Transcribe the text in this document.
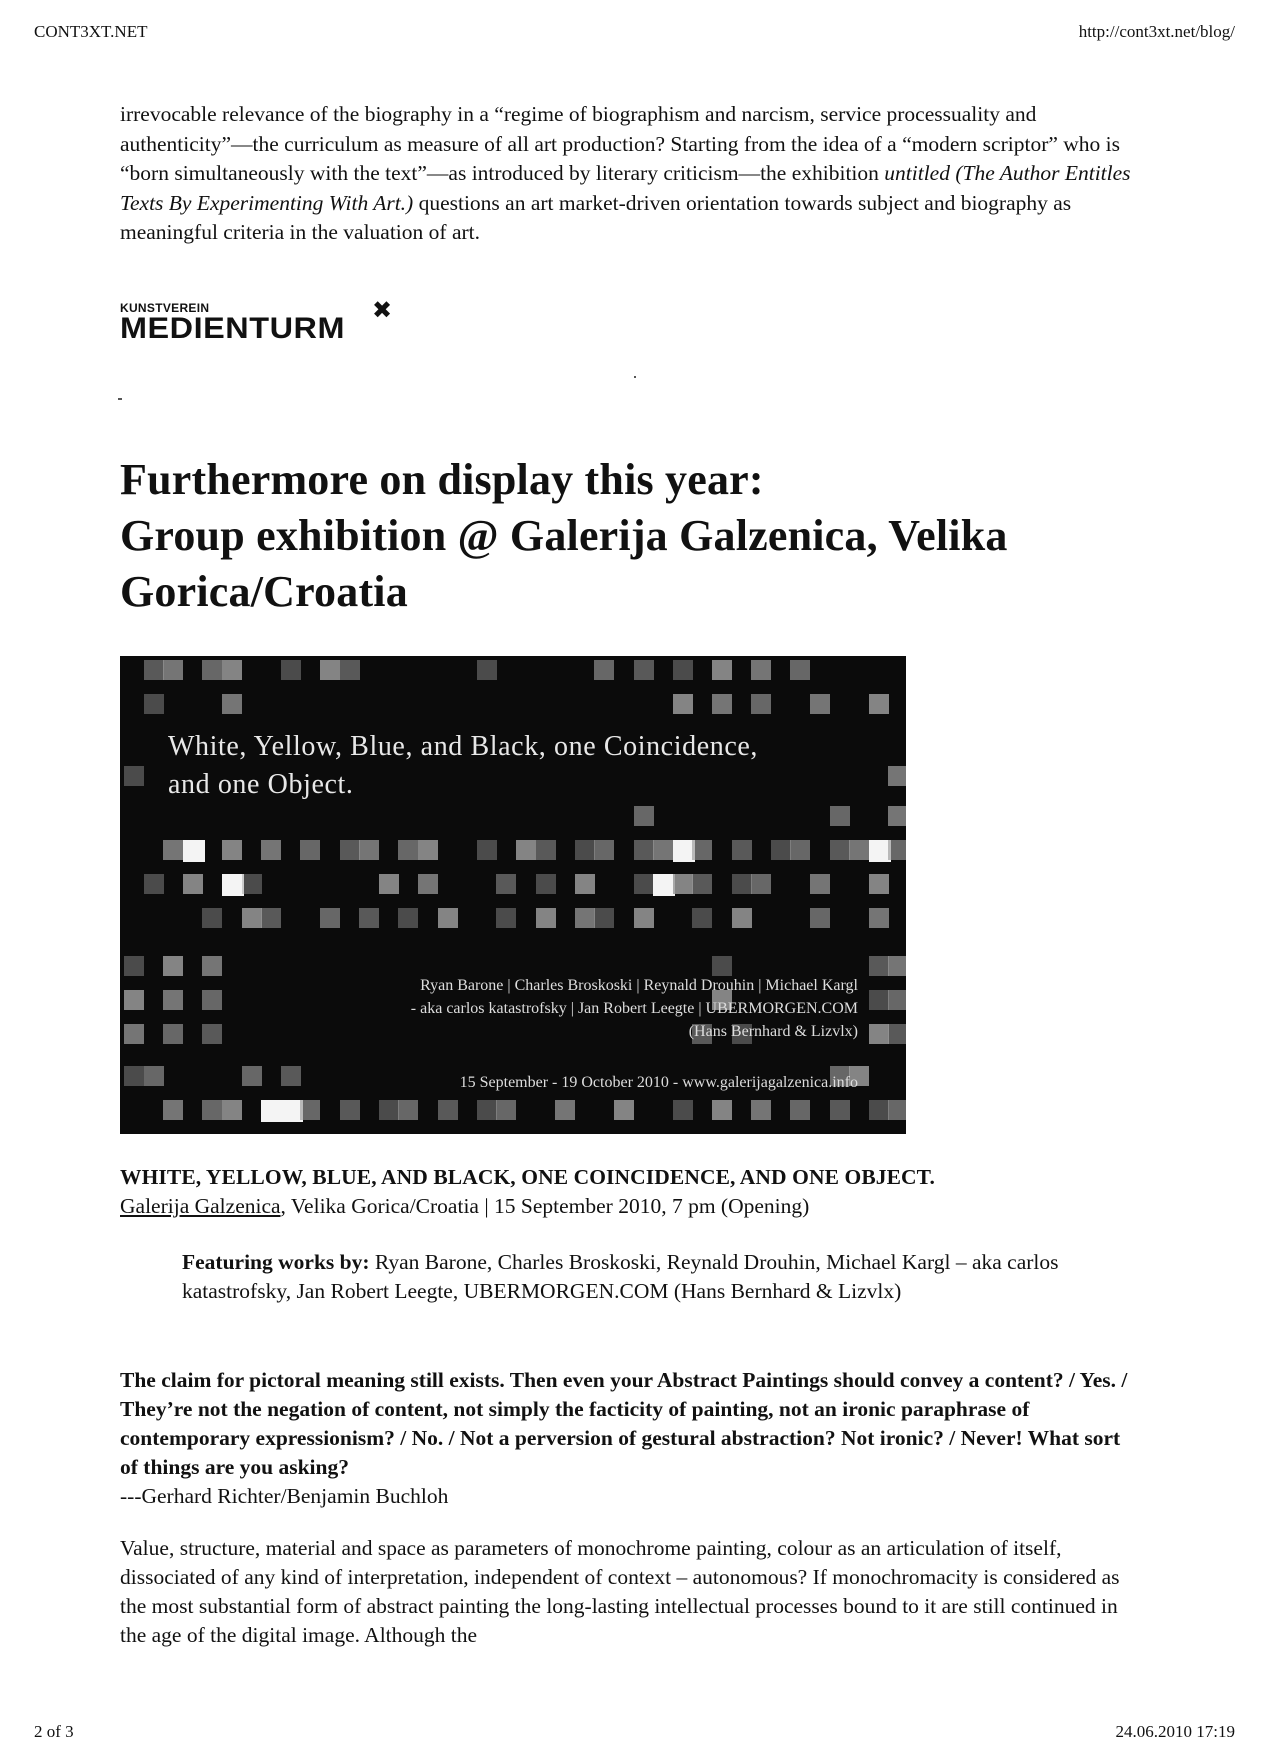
CONT3XT.NET	http://cont3xt.net/blog/

irrevocable relevance of the biography in a “regime of biographism and narcism, service processuality and authenticity”—the curriculum as measure of all art production? Starting from the idea of a “modern scriptor” who is “born simultaneously with the text”—as introduced by literary criticism—the exhibition untitled (The Author Entitles Texts By Experimenting With Art.) questions an art market-driven orientation towards subject and biography as meaningful criteria in the valuation of art.

KUNSTVEREIN
MEDIENTURM
✖
Furthermore on display this year:
Group exhibition @ Galerija Galzenica, Velika Gorica/Croatia

White, Yellow, Blue, and Black, one Coincidence,
and one Object.

Ryan Barone | Charles Broskoski | Reynald Drouhin | Michael Kargl
- aka carlos katastrofsky | Jan Robert Leegte | UBERMORGEN.COM
(Hans Bernhard & Lizvlx)

15 September - 19 October 2010 - www.galerijagalzenica.info

WHITE, YELLOW, BLUE, AND BLACK, ONE COINCIDENCE, AND ONE OBJECT.

Galerija Galzenica, Velika Gorica/Croatia | 15 September 2010, 7 pm (Opening)

Featuring works by: Ryan Barone, Charles Broskoski, Reynald Drouhin, Michael Kargl – aka carlos katastrofsky, Jan Robert Leegte, UBERMORGEN.COM (Hans Bernhard & Lizvlx)

The claim for pictoral meaning still exists. Then even your Abstract Paintings should convey a content? / Yes. / They’re not the negation of content, not simply the facticity of painting, not an ironic paraphrase of contemporary expressionism? / No. / Not a perversion of gestural abstraction? Not ironic? / Never! What sort of things are you asking?

---Gerhard Richter/Benjamin Buchloh

Value, structure, material and space as parameters of monochrome painting, colour as an articulation of itself, dissociated of any kind of interpretation, independent of context – autonomous? If monochromacity is considered as the most substantial form of abstract painting the long-lasting intellectual processes bound to it are still continued in the age of the digital image. Although the

2 of 3	24.06.2010 17:19
